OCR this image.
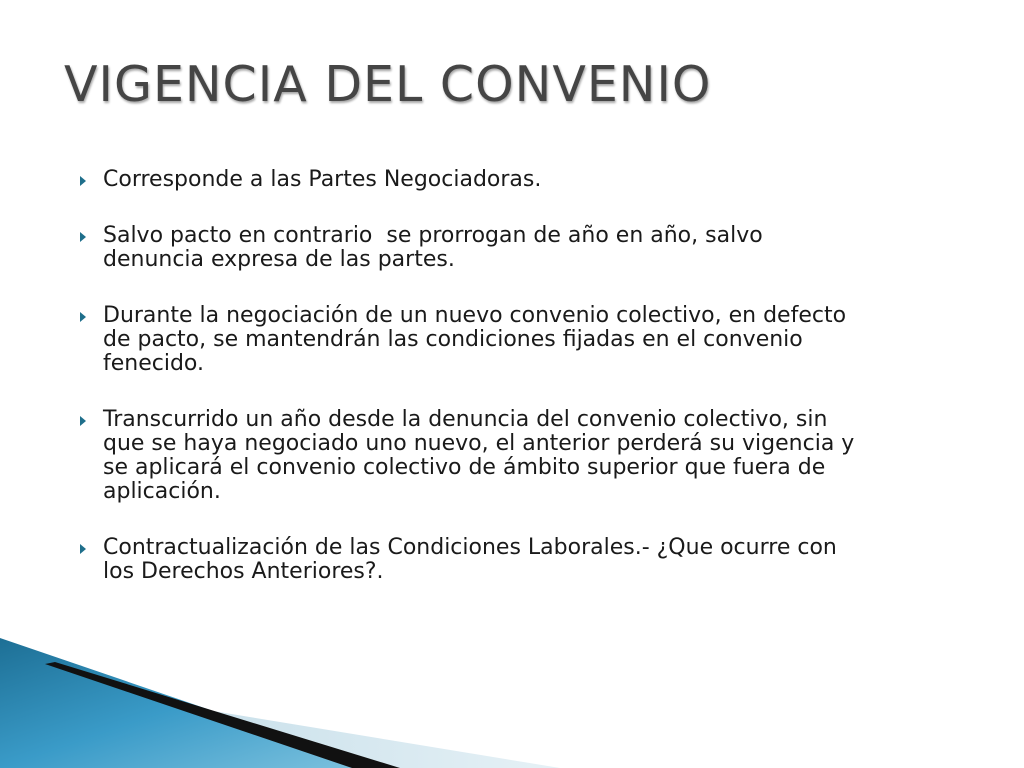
VIGENCIA DEL CONVENIO
Corresponde a las Partes Negociadoras.
Salvo pacto en contrario  se prorrogan de año en año, salvo
denuncia expresa de las partes.
Durante la negociación de un nuevo convenio colectivo, en defecto
de pacto, se mantendrán las condiciones fijadas en el convenio
fenecido.
Transcurrido un año desde la denuncia del convenio colectivo, sin
que se haya negociado uno nuevo, el anterior perderá su vigencia y
se aplicará el convenio colectivo de ámbito superior que fuera de
aplicación.
Contractualización de las Condiciones Laborales.- ¿Que ocurre con
los Derechos Anteriores?.
